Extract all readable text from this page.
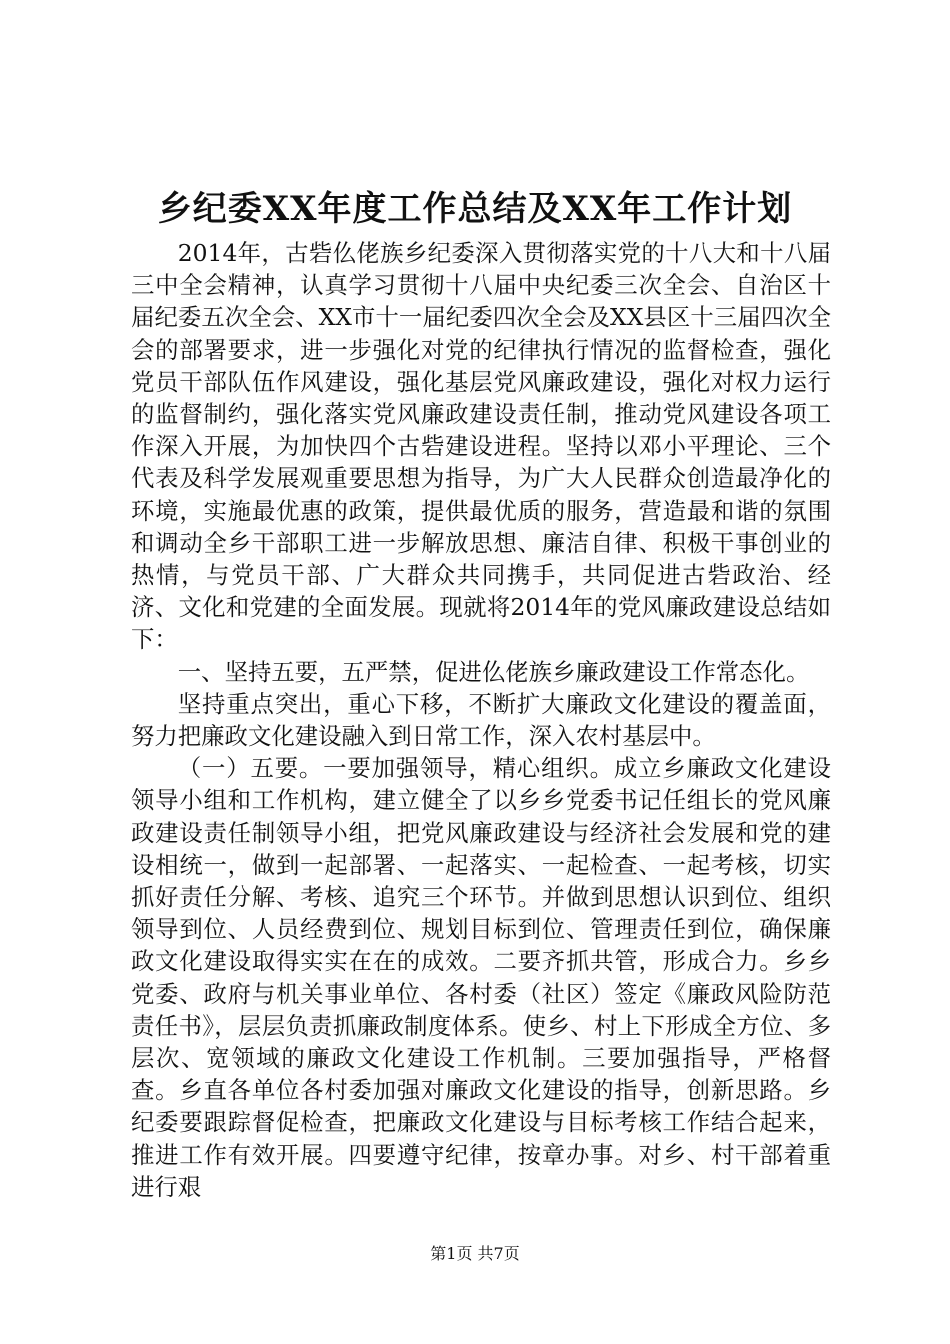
乡纪委XX年度工作总结及XX年工作计划

2014年，古砦仫佬族乡纪委深入贯彻落实党的十八大和十八届三中全会精神，认真学习贯彻十八届中央纪委三次全会、自治区十届纪委五次全会、XX市十一届纪委四次全会及XX县区十三届四次全会的部署要求，进一步强化对党的纪律执行情况的监督检查，强化党员干部队伍作风建设，强化基层党风廉政建设，强化对权力运行的监督制约，强化落实党风廉政建设责任制，推动党风建设各项工作深入开展，为加快四个古砦建设进程。坚持以邓小平理论、三个代表及科学发展观重要思想为指导，为广大人民群众创造最净化的环境，实施最优惠的政策，提供最优质的服务，营造最和谐的氛围和调动全乡干部职工进一步解放思想、廉洁自律、积极干事创业的热情，与党员干部、广大群众共同携手，共同促进古砦政治、经济、文化和党建的全面发展。现就将2014年的党风廉政建设总结如下：

一、坚持五要，五严禁，促进仫佬族乡廉政建设工作常态化。

坚持重点突出，重心下移，不断扩大廉政文化建设的覆盖面，努力把廉政文化建设融入到日常工作，深入农村基层中。

（一）五要。一要加强领导，精心组织。成立乡廉政文化建设领导小组和工作机构，建立健全了以乡乡党委书记任组长的党风廉政建设责任制领导小组，把党风廉政建设与经济社会发展和党的建设相统一，做到一起部署、一起落实、一起检查、一起考核，切实抓好责任分解、考核、追究三个环节。并做到思想认识到位、组织领导到位、人员经费到位、规划目标到位、管理责任到位，确保廉政文化建设取得实实在在的成效。二要齐抓共管，形成合力。乡乡党委、政府与机关事业单位、各村委（社区）签定《廉政风险防范责任书》，层层负责抓廉政制度体系。使乡、村上下形成全方位、多层次、宽领域的廉政文化建设工作机制。三要加强指导，严格督查。乡直各单位各村委加强对廉政文化建设的指导，创新思路。乡纪委要跟踪督促检查，把廉政文化建设与目标考核工作结合起来，推进工作有效开展。四要遵守纪律，按章办事。对乡、村干部着重进行艰

第1页 共7页
